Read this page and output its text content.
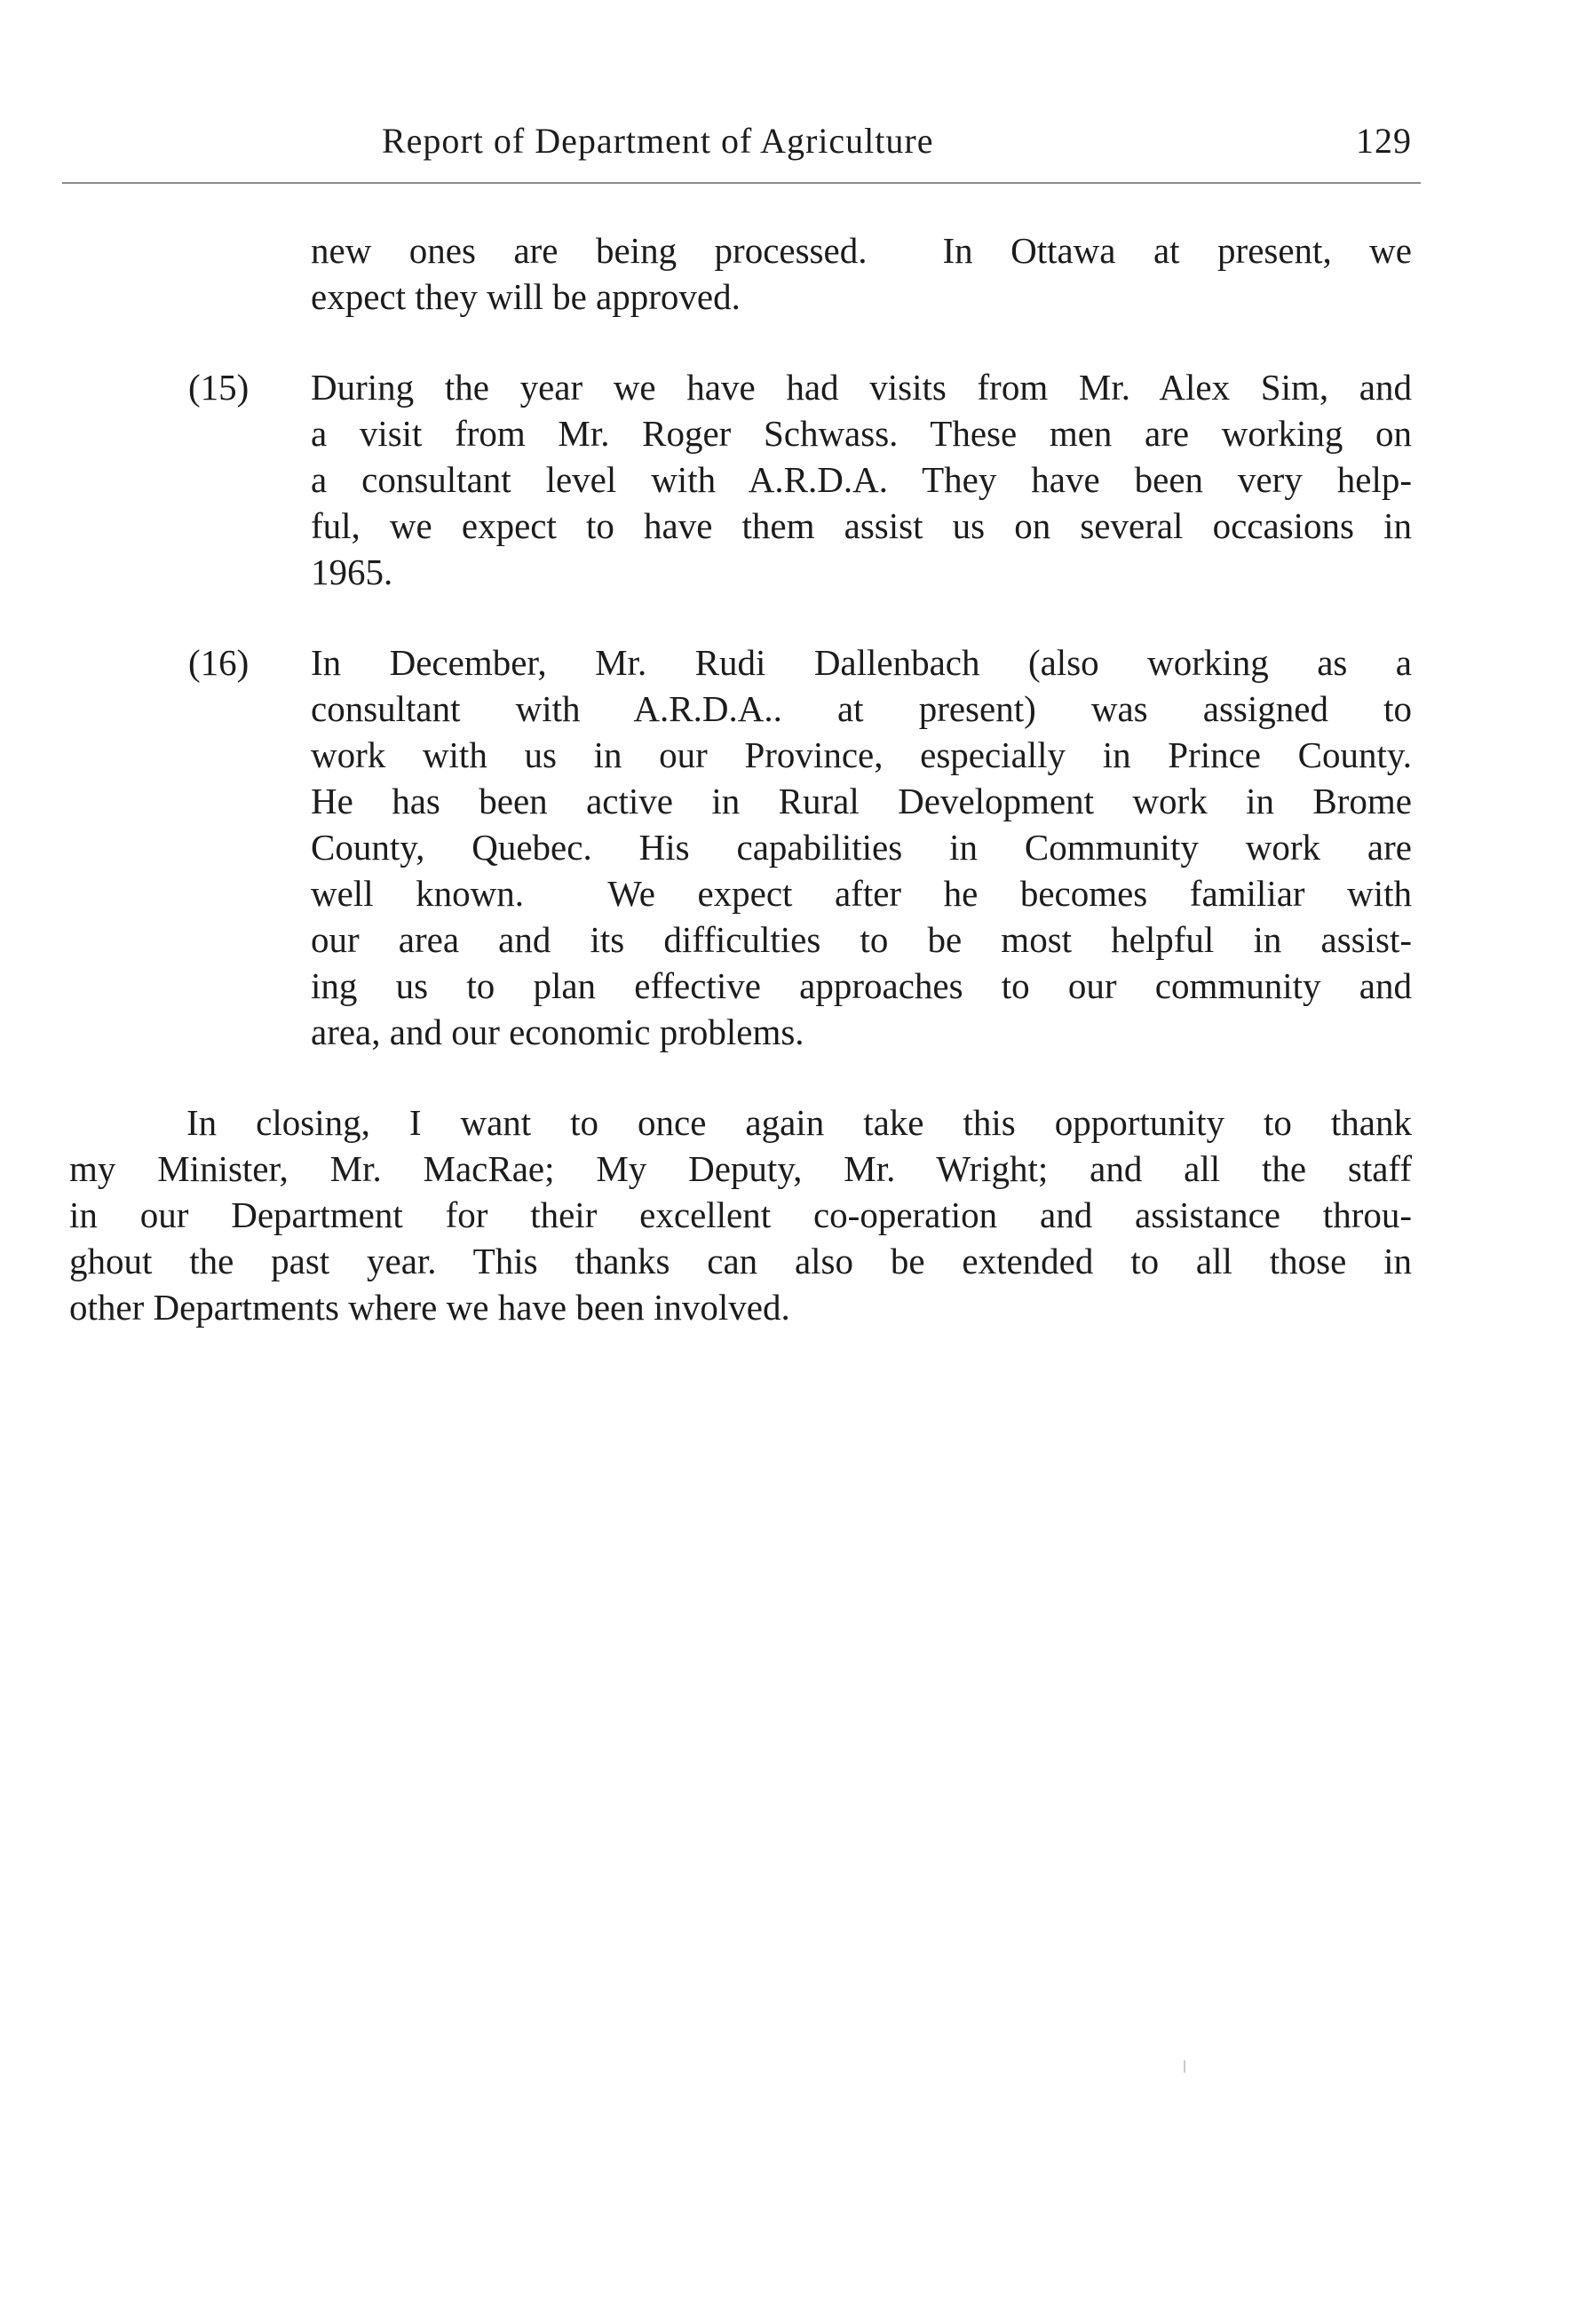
Report of Department of Agriculture	129
new ones are being processed.  In Ottawa at present, we
expect they will be approved.
(15) During the year we have had visits from Mr. Alex Sim, and
a visit from Mr. Roger Schwass. These men are working on
a consultant level with A.R.D.A. They have been very help-
ful, we expect to have them assist us on several occasions in
1965.
(16) In December, Mr. Rudi Dallenbach (also working as a
consultant with A.R.D.A.. at present) was assigned to
work with us in our Province, especially in Prince County.
He has been active in Rural Development work in Brome
County, Quebec. His capabilities in Community work are
well known.  We expect after he becomes familiar with
our area and its difficulties to be most helpful in assist-
ing us to plan effective approaches to our community and
area, and our economic problems.
In closing, I want to once again take this opportunity to thank
my Minister, Mr. MacRae; My Deputy, Mr. Wright; and all the staff
in our Department for their excellent co-operation and assistance throu-
ghout the past year. This thanks can also be extended to all those in
other Departments where we have been involved.
